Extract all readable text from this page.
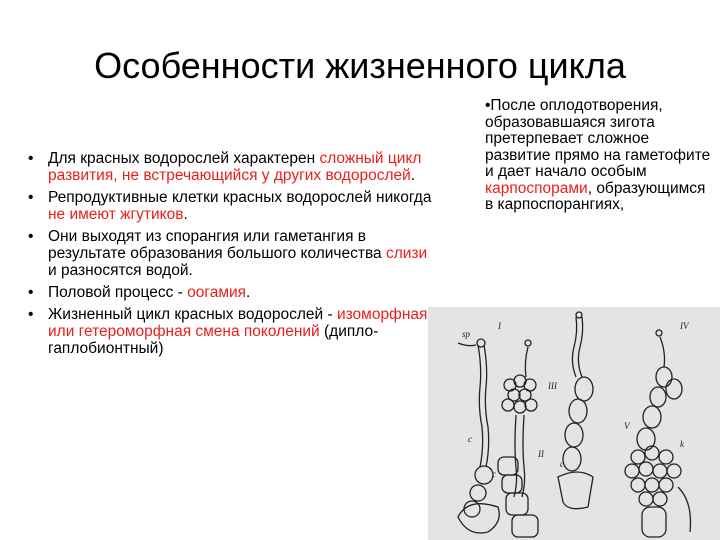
Особенности жизненного цикла
• Для красных водорослей характерен сложный цикл развития, не встречающийся у других водорослей.
• Репродуктивные клетки красных водорослей никогда не имеют жгутиков.
• Они выходят из спорангия или гаметангия в результате образования большого количества слизи и разносятся водой.
• Половой процесс - оогамия.
• Жизненный цикл красных водорослей - изоморфная или гетероморфная смена поколений (дипло-гаплобионтный)
•После оплодотворения, образовавшаяся зигота претерпевает сложное развитие прямо на гаметофите и дает начало особым карпоспорами, образующимся в карпоспорангиях,
sp
I
II
III
IV
V
c
c
c
k
